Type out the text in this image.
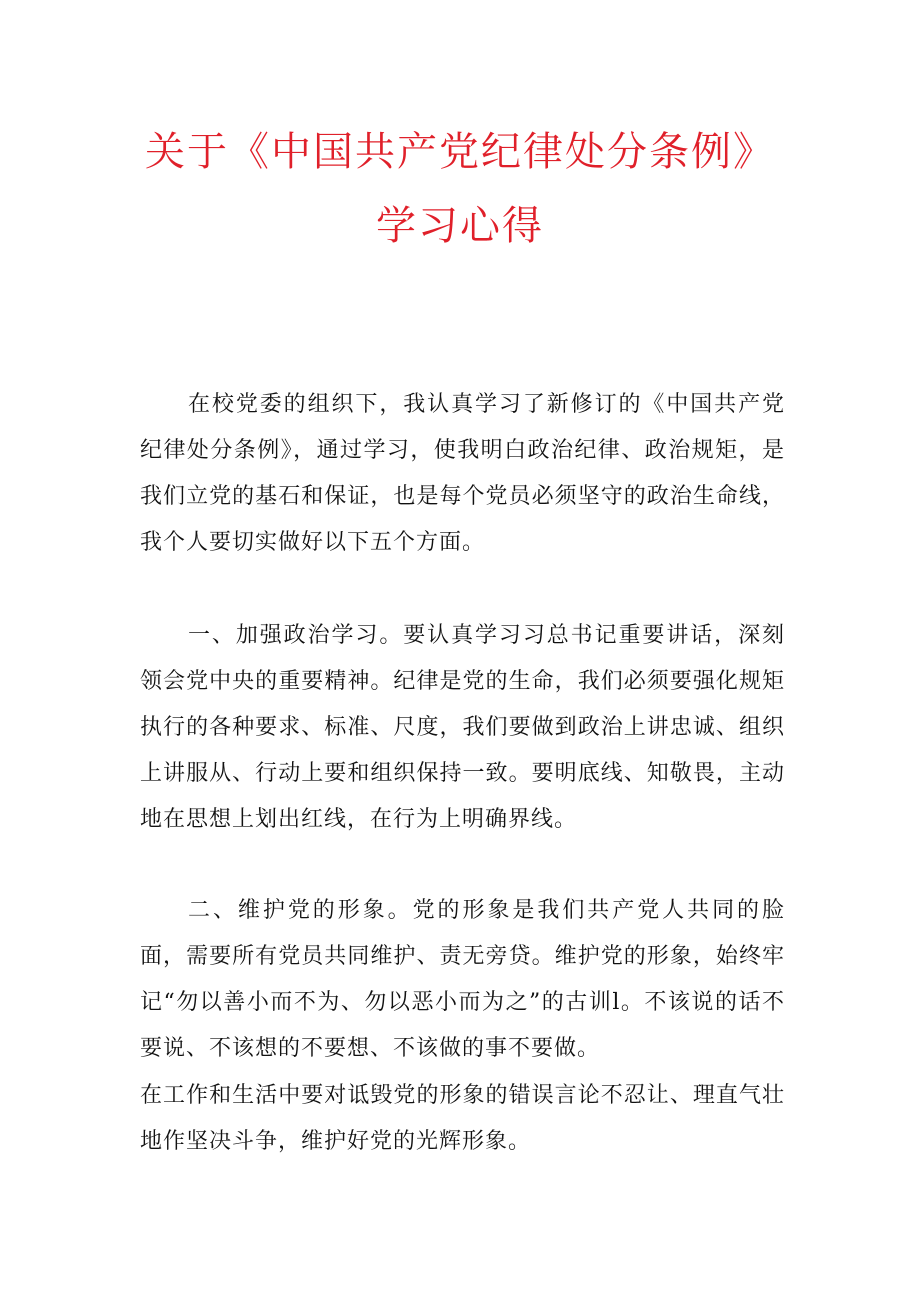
关于《中国共产党纪律处分条例》
学习心得

在校党委的组织下，我认真学习了新修订的《中国共产党纪律处分条例》，通过学习，使我明白政治纪律、政治规矩，是我们立党的基石和保证，也是每个党员必须坚守的政治生命线，我个人要切实做好以下五个方面。

一、加强政治学习。要认真学习习总书记重要讲话，深刻领会党中央的重要精神。纪律是党的生命，我们必须要强化规矩执行的各种要求、标准、尺度，我们要做到政治上讲忠诚、组织上讲服从、行动上要和组织保持一致。要明底线、知敬畏，主动地在思想上划出红线，在行为上明确界线。

二、维护党的形象。党的形象是我们共产党人共同的脸面，需要所有党员共同维护、责无旁贷。维护党的形象，始终牢记“勿以善小而不为、勿以恶小而为之”的古训l。不该说的话不要说、不该想的不要想、不该做的事不要做。

在工作和生活中要对诋毁党的形象的错误言论不忍让、理直气壮地作坚决斗争，维护好党的光辉形象。
